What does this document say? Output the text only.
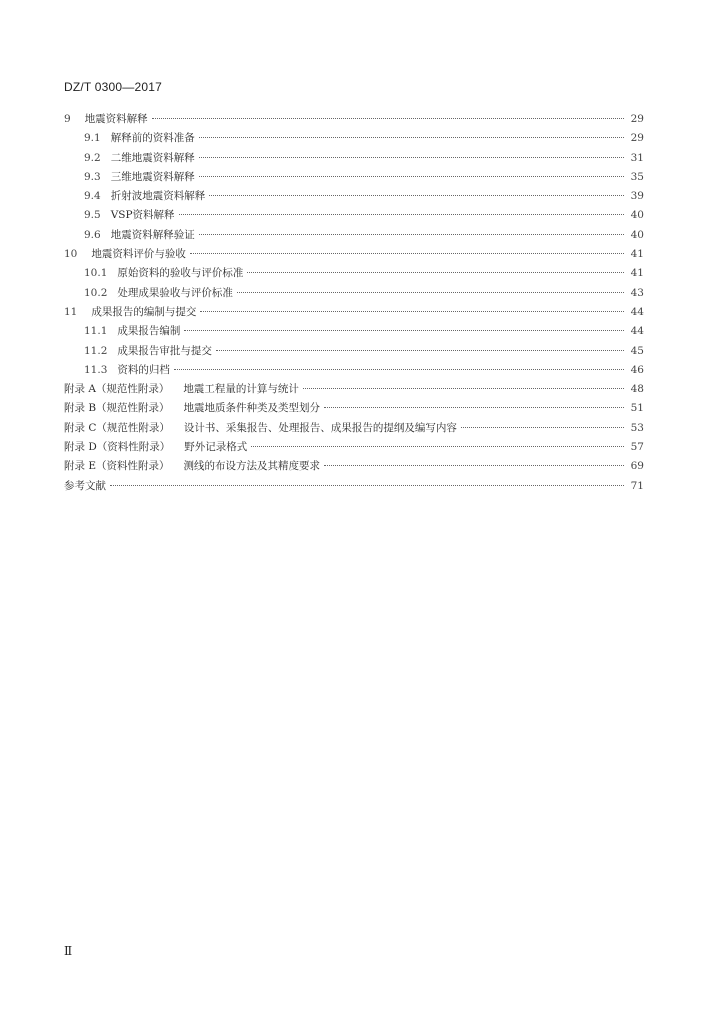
DZ/T 0300—2017
9 地震资料解释	29
9.1 解释前的资料准备	29
9.2 二维地震资料解释	31
9.3 三维地震资料解释	35
9.4 折射波地震资料解释	39
9.5 VSP资料解释	40
9.6 地震资料解释验证	40
10 地震资料评价与验收	41
10.1 原始资料的验收与评价标准	41
10.2 处理成果验收与评价标准	43
11 成果报告的编制与提交	44
11.1 成果报告编制	44
11.2 成果报告审批与提交	45
11.3 资料的归档	46
附录 A（规范性附录） 地震工程量的计算与统计	48
附录 B（规范性附录） 地震地质条件种类及类型划分	51
附录 C（规范性附录） 设计书、采集报告、处理报告、成果报告的提纲及编写内容	53
附录 D（资料性附录） 野外记录格式	57
附录 E（资料性附录） 测线的布设方法及其精度要求	69
参考文献	71
Ⅱ
